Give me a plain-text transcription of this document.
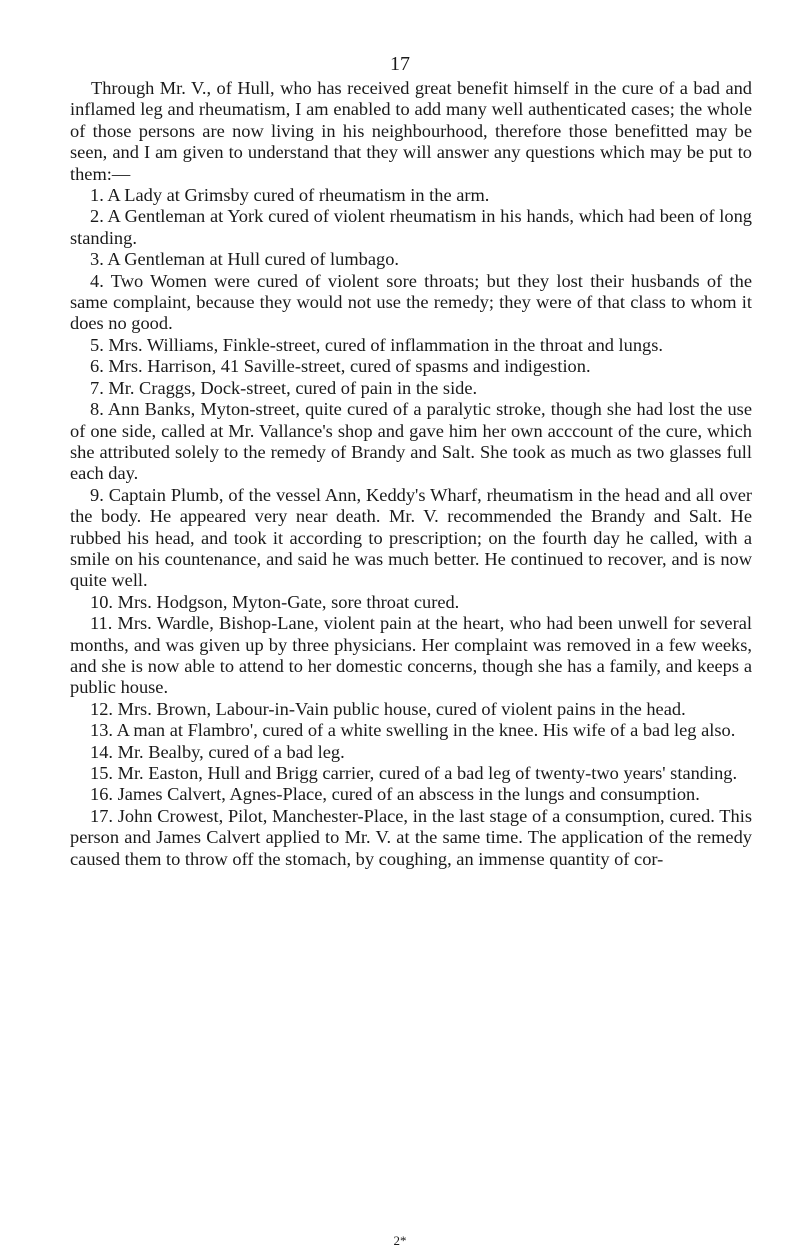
17

Through Mr. V., of Hull, who has received great benefit himself in the cure of a bad and inflamed leg and rheumatism, I am enabled to add many well authenticated cases; the whole of those persons are now living in his neighbourhood, therefore those benefitted may be seen, and I am given to understand that they will answer any questions which may be put to them:—

1. A Lady at Grimsby cured of rheumatism in the arm.

2. A Gentleman at York cured of violent rheumatism in his hands, which had been of long standing.

3. A Gentleman at Hull cured of lumbago.

4. Two Women were cured of violent sore throats; but they lost their husbands of the same complaint, because they would not use the remedy; they were of that class to whom it does no good.

5. Mrs. Williams, Finkle-street, cured of inflammation in the throat and lungs.

6. Mrs. Harrison, 41 Saville-street, cured of spasms and indigestion.

7. Mr. Craggs, Dock-street, cured of pain in the side.

8. Ann Banks, Myton-street, quite cured of a paralytic stroke, though she had lost the use of one side, called at Mr. Vallance's shop and gave him her own acccount of the cure, which she attributed solely to the remedy of Brandy and Salt. She took as much as two glasses full each day.

9. Captain Plumb, of the vessel Ann, Keddy's Wharf, rheumatism in the head and all over the body. He appeared very near death. Mr. V. recommended the Brandy and Salt. He rubbed his head, and took it according to prescription; on the fourth day he called, with a smile on his countenance, and said he was much better. He continued to recover, and is now quite well.

10. Mrs. Hodgson, Myton-Gate, sore throat cured.

11. Mrs. Wardle, Bishop-Lane, violent pain at the heart, who had been unwell for several months, and was given up by three physicians. Her complaint was removed in a few weeks, and she is now able to attend to her domestic concerns, though she has a family, and keeps a public house.

12. Mrs. Brown, Labour-in-Vain public house, cured of violent pains in the head.

13. A man at Flambro', cured of a white swelling in the knee. His wife of a bad leg also.

14. Mr. Bealby, cured of a bad leg.

15. Mr. Easton, Hull and Brigg carrier, cured of a bad leg of twenty-two years' standing.

16. James Calvert, Agnes-Place, cured of an abscess in the lungs and consumption.

17. John Crowest, Pilot, Manchester-Place, in the last stage of a consumption, cured. This person and James Calvert applied to Mr. V. at the same time. The application of the remedy caused them to throw off the stomach, by coughing, an immense quantity of cor-

2*
